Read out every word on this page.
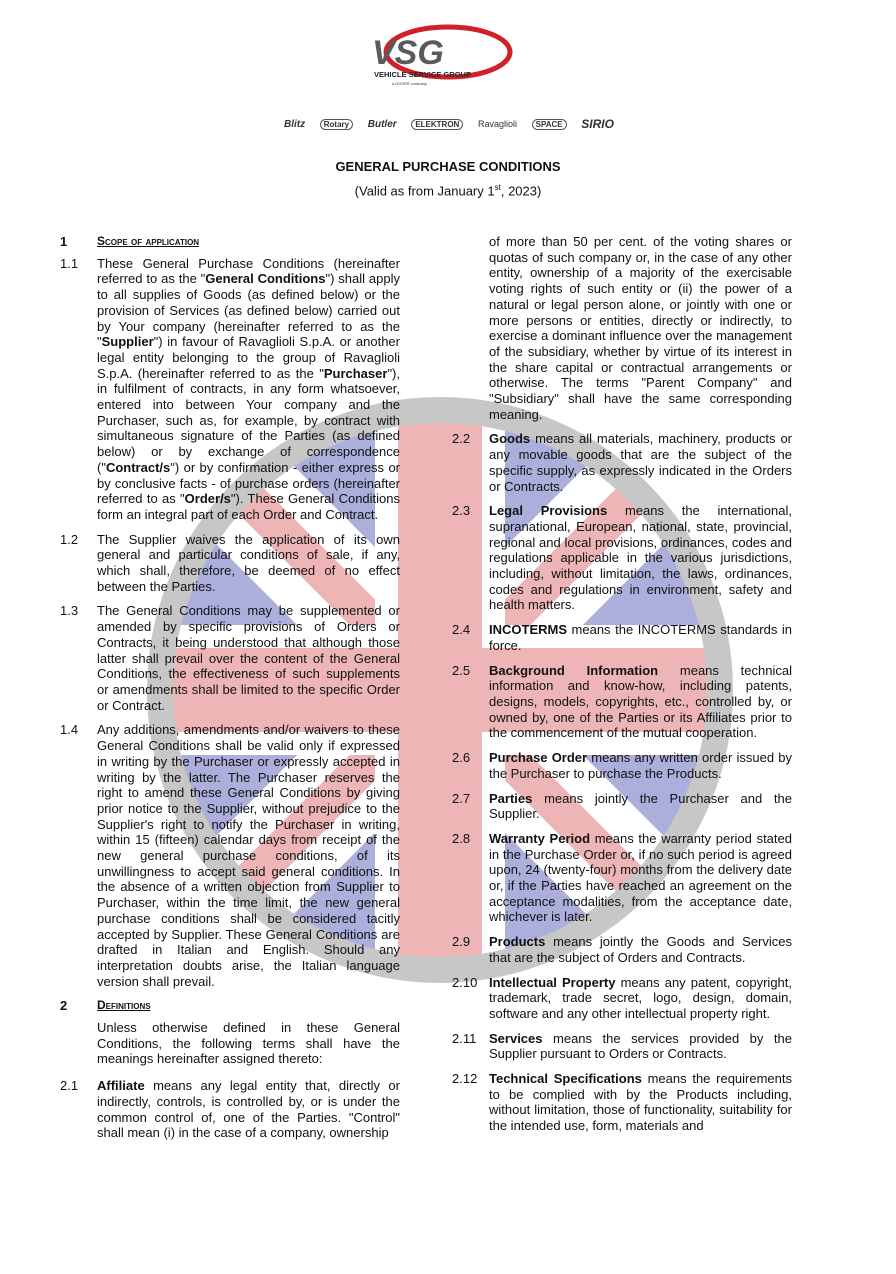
VSG
VEHICLE SERVICE GROUP
a DOVER company
Blitz	Rotary	Butler	ELEKTRON	Ravaglioli	SPACE	SIRIO
GENERAL PURCHASE CONDITIONS
(Valid as from January 1st, 2023)
1	Scope of application
1.1	These General Purchase Conditions (hereinafter referred to as the "General Conditions") shall apply to all supplies of Goods (as defined below) or the provision of Services (as defined below) carried out by Your company (hereinafter referred to as the "Supplier") in favour of Ravaglioli S.p.A. or another legal entity belonging to the group of Ravaglioli S.p.A. (hereinafter referred to as the "Purchaser"), in fulfilment of contracts, in any form whatsoever, entered into between Your company and the Purchaser, such as, for example, by contract with simultaneous signature of the Parties (as defined below) or by exchange of correspondence ("Contract/s") or by confirmation - either express or by conclusive facts - of purchase orders (hereinafter referred to as "Order/s"). These General Conditions form an integral part of each Order and Contract.
1.2	The Supplier waives the application of its own general and particular conditions of sale, if any, which shall, therefore, be deemed of no effect between the Parties.
1.3	The General Conditions may be supplemented or amended by specific provisions of Orders or Contracts, it being understood that although those latter shall prevail over the content of the General Conditions, the effectiveness of such supplements or amendments shall be limited to the specific Order or Contract.
1.4	Any additions, amendments and/or waivers to these General Conditions shall be valid only if expressed in writing by the Purchaser or expressly accepted in writing by the latter. The Purchaser reserves the right to amend these General Conditions by giving prior notice to the Supplier, without prejudice to the Supplier's right to notify the Purchaser in writing, within 15 (fifteen) calendar days from receipt of the new general purchase conditions, of its unwillingness to accept said general conditions. In the absence of a written objection from Supplier to Purchaser, within the time limit, the new general purchase conditions shall be considered tacitly accepted by Supplier. These General Conditions are drafted in Italian and English. Should any interpretation doubts arise, the Italian language version shall prevail.
2	Definitions
Unless otherwise defined in these General Conditions, the following terms shall have the meanings hereinafter assigned thereto:
2.1	Affiliate means any legal entity that, directly or indirectly, controls, is controlled by, or is under the common control of, one of the Parties. "Control" shall mean (i) in the case of a company, ownership
of more than 50 per cent. of the voting shares or quotas of such company or, in the case of any other entity, ownership of a majority of the exercisable voting rights of such entity or (ii) the power of a natural or legal person alone, or jointly with one or more persons or entities, directly or indirectly, to exercise a dominant influence over the management of the subsidiary, whether by virtue of its interest in the share capital or contractual arrangements or otherwise. The terms "Parent Company" and "Subsidiary" shall have the same corresponding meaning.
2.2	Goods means all materials, machinery, products or any movable goods that are the subject of the specific supply, as expressly indicated in the Orders or Contracts.
2.3	Legal Provisions means the international, supranational, European, national, state, provincial, regional and local provisions, ordinances, codes and regulations applicable in the various jurisdictions, including, without limitation, the laws, ordinances, codes and regulations in environment, safety and health matters.
2.4	INCOTERMS means the INCOTERMS standards in force.
2.5	Background Information means technical information and know-how, including patents, designs, models, copyrights, etc., controlled by, or owned by, one of the Parties or its Affiliates prior to the commencement of the mutual cooperation.
2.6	Purchase Order means any written order issued by the Purchaser to purchase the Products.
2.7	Parties means jointly the Purchaser and the Supplier.
2.8	Warranty Period means the warranty period stated in the Purchase Order or, if no such period is agreed upon, 24 (twenty-four) months from the delivery date or, if the Parties have reached an agreement on the acceptance modalities, from the acceptance date, whichever is later.
2.9	Products means jointly the Goods and Services that are the subject of Orders and Contracts.
2.10 Intellectual Property means any patent, copyright, trademark, trade secret, logo, design, domain, software and any other intellectual property right.
2.11 Services means the services provided by the Supplier pursuant to Orders or Contracts.
2.12 Technical Specifications means the requirements to be complied with by the Products including, without limitation, those of functionality, suitability for the intended use, form, materials and
